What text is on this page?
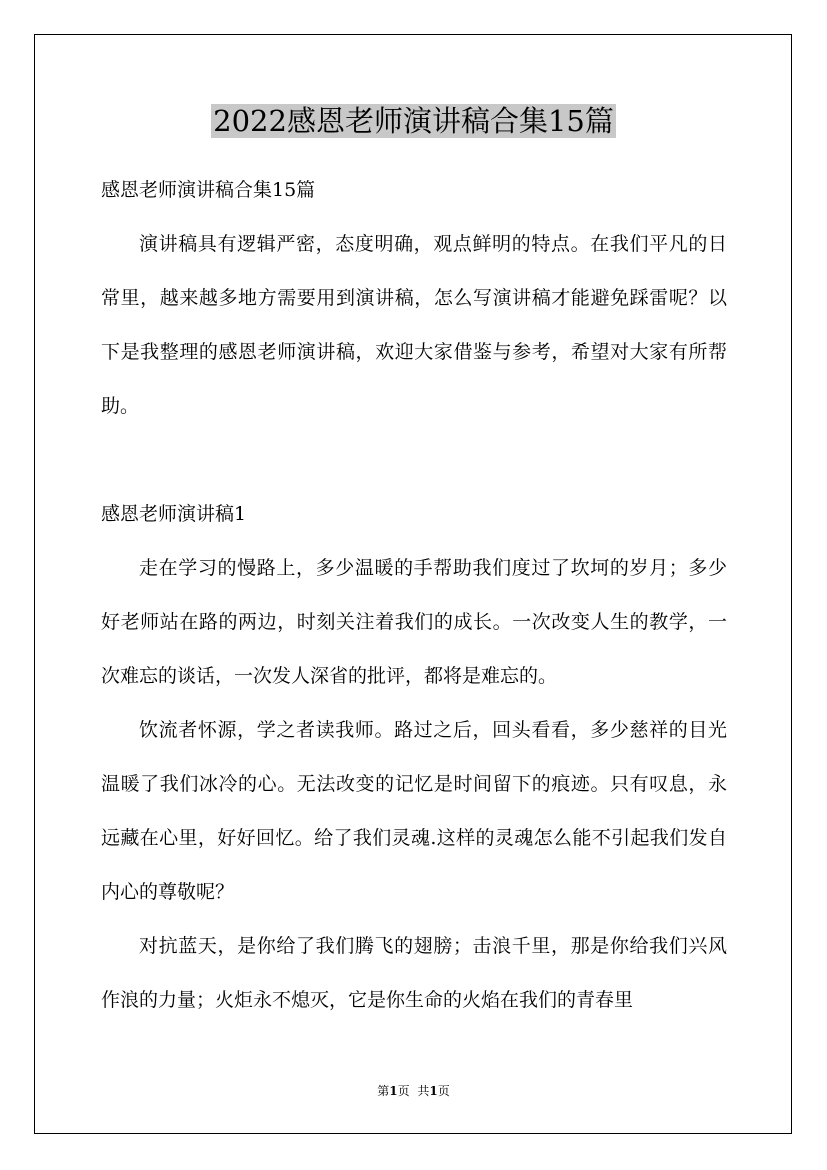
2022感恩老师演讲稿合集15篇

感恩老师演讲稿合集15篇

演讲稿具有逻辑严密，态度明确，观点鲜明的特点。在我们平凡的日常里，越来越多地方需要用到演讲稿，怎么写演讲稿才能避免踩雷呢？以下是我整理的感恩老师演讲稿，欢迎大家借鉴与参考，希望对大家有所帮助。

感恩老师演讲稿1

走在学习的慢路上，多少温暖的手帮助我们度过了坎坷的岁月；多少好老师站在路的两边，时刻关注着我们的成长。一次改变人生的教学，一次难忘的谈话，一次发人深省的批评，都将是难忘的。

饮流者怀源，学之者读我师。路过之后，回头看看，多少慈祥的目光温暖了我们冰冷的心。无法改变的记忆是时间留下的痕迹。只有叹息，永远藏在心里，好好回忆。给了我们灵魂.这样的灵魂怎么能不引起我们发自内心的尊敬呢？

对抗蓝天，是你给了我们腾飞的翅膀；击浪千里，那是你给我们兴风作浪的力量；火炬永不熄灭，它是你生命的火焰在我们的青春里

第1页 共1页
